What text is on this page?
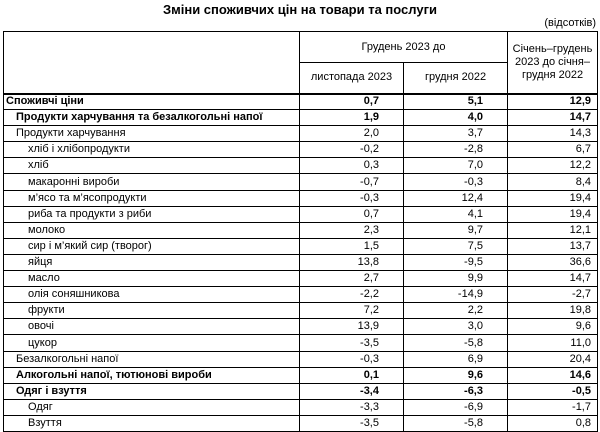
Зміни споживчих цін на товари та послуги
(відсотків)
	Грудень 2023 до		Січень–грудень 2023 до січня–грудня 2022
	листопада 2023	грудня 2022	
Споживчі ціни	0,7	5,1	12,9
Продукти харчування та безалкогольні напої	1,9	4,0	14,7
Продукти харчування	2,0	3,7	14,3
хліб і хлібопродукти	-0,2	-2,8	6,7
хліб	0,3	7,0	12,2
макаронні вироби	-0,7	-0,3	8,4
м’ясо та м’ясопродукти	-0,3	12,4	19,4
риба та продукти з риби	0,7	4,1	19,4
молоко	2,3	9,7	12,1
сир і м’який сир (творог)	1,5	7,5	13,7
яйця	13,8	-9,5	36,6
масло	2,7	9,9	14,7
олія соняшникова	-2,2	-14,9	-2,7
фрукти	7,2	2,2	19,8
овочі	13,9	3,0	9,6
цукор	-3,5	-5,8	11,0
Безалкогольні напої	-0,3	6,9	20,4
Алкогольні напої, тютюнові вироби	0,1	9,6	14,6
Одяг і взуття	-3,4	-6,3	-0,5
Одяг	-3,3	-6,9	-1,7
Взуття	-3,5	-5,8	0,8
